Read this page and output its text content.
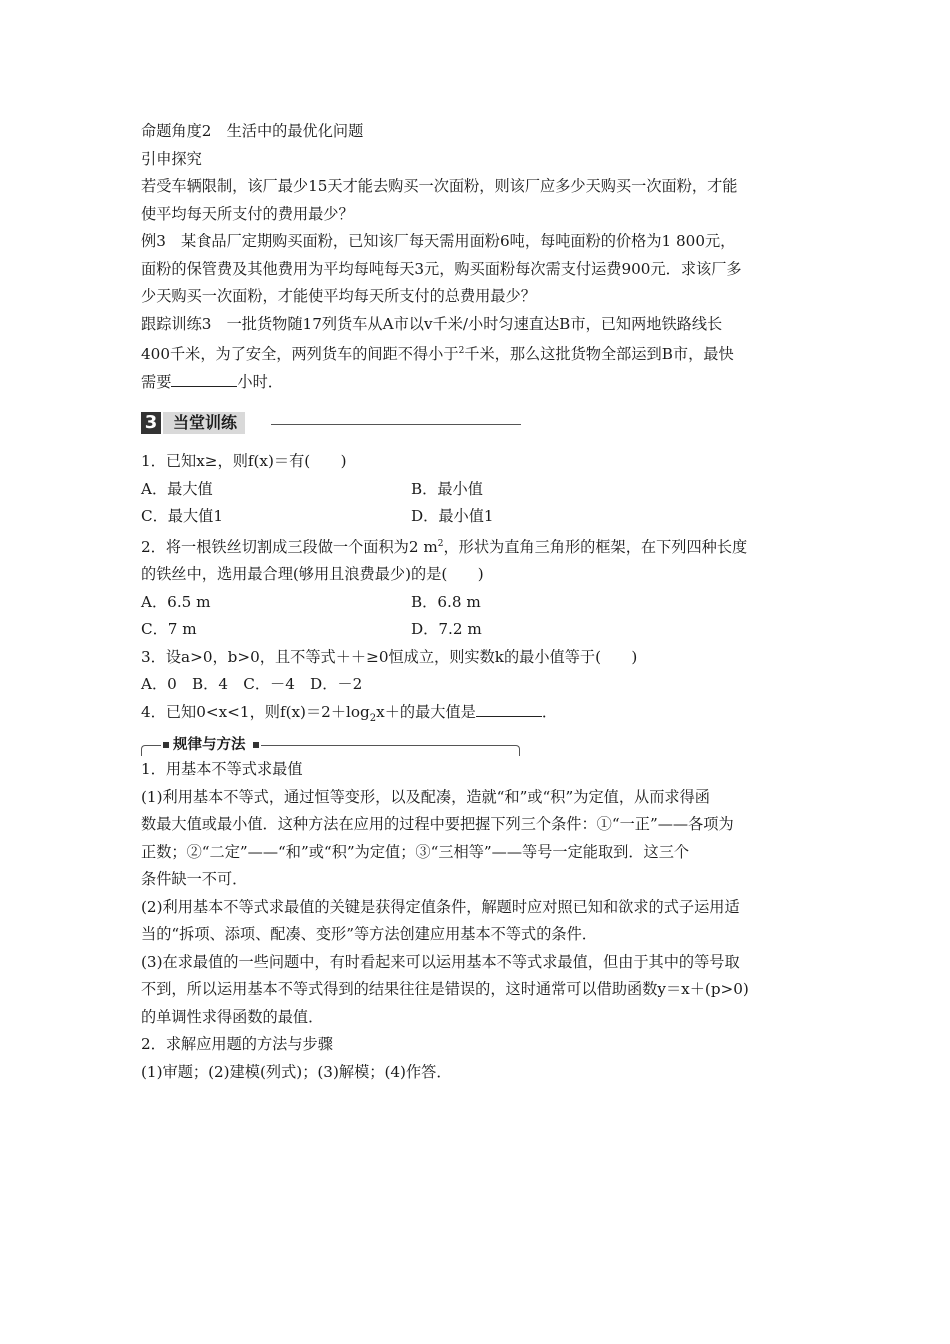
命题角度2　生活中的最优化问题
引申探究
若受车辆限制，该厂最少15天才能去购买一次面粉，则该厂应多少天购买一次面粉，才能
使平均每天所支付的费用最少？
例3　某食品厂定期购买面粉，已知该厂每天需用面粉6吨，每吨面粉的价格为1 800元，
面粉的保管费及其他费用为平均每吨每天3元，购买面粉每次需支付运费900元．求该厂多
少天购买一次面粉，才能使平均每天所支付的总费用最少？
跟踪训练3　一批货物随17列货车从A市以v千米/小时匀速直达B市，已知两地铁路线长
400千米，为了安全，两列货车的间距不得小于$^2$千米，那么这批货物全部运到B市，最快
需要	小时．
3 当堂训练
1．已知x≥，则f(x)＝有(　　)
A．最大值	B．最小值
C．最大值1	D．最小值1
2．将一根铁丝切割成三段做一个面积为2 $m^2$，形状为直角三角形的框架，在下列四种长度
的铁丝中，选用最合理(够用且浪费最少)的是(　　)
A．6.5 m	B．6.8 m
C．7 m	D．7.2 m
3．设a>0，b>0，且不等式＋＋≥0恒成立，则实数k的最小值等于(　　)
A．0　B．4　C．－4　D．－2
4．已知0<x<1，则$f(x)=2+\log_2x+$的最大值是	．
规律与方法
1．用基本不等式求最值
(1)利用基本不等式，通过恒等变形，以及配凑，造就“和”或“积”为定值，从而求得函
数最大值或最小值．这种方法在应用的过程中要把握下列三个条件：①“一正”——各项为
正数；②“二定”——“和”或“积”为定值；③“三相等”——等号一定能取到．这三个
条件缺一不可．
(2)利用基本不等式求最值的关键是获得定值条件，解题时应对照已知和欲求的式子运用适
当的“拆项、添项、配凑、变形”等方法创建应用基本不等式的条件．
(3)在求最值的一些问题中，有时看起来可以运用基本不等式求最值，但由于其中的等号取
不到，所以运用基本不等式得到的结果往往是错误的，这时通常可以借助函数y＝x＋(p>0)
的单调性求得函数的最值．
2．求解应用题的方法与步骤
(1)审题；(2)建模(列式)；(3)解模；(4)作答．
